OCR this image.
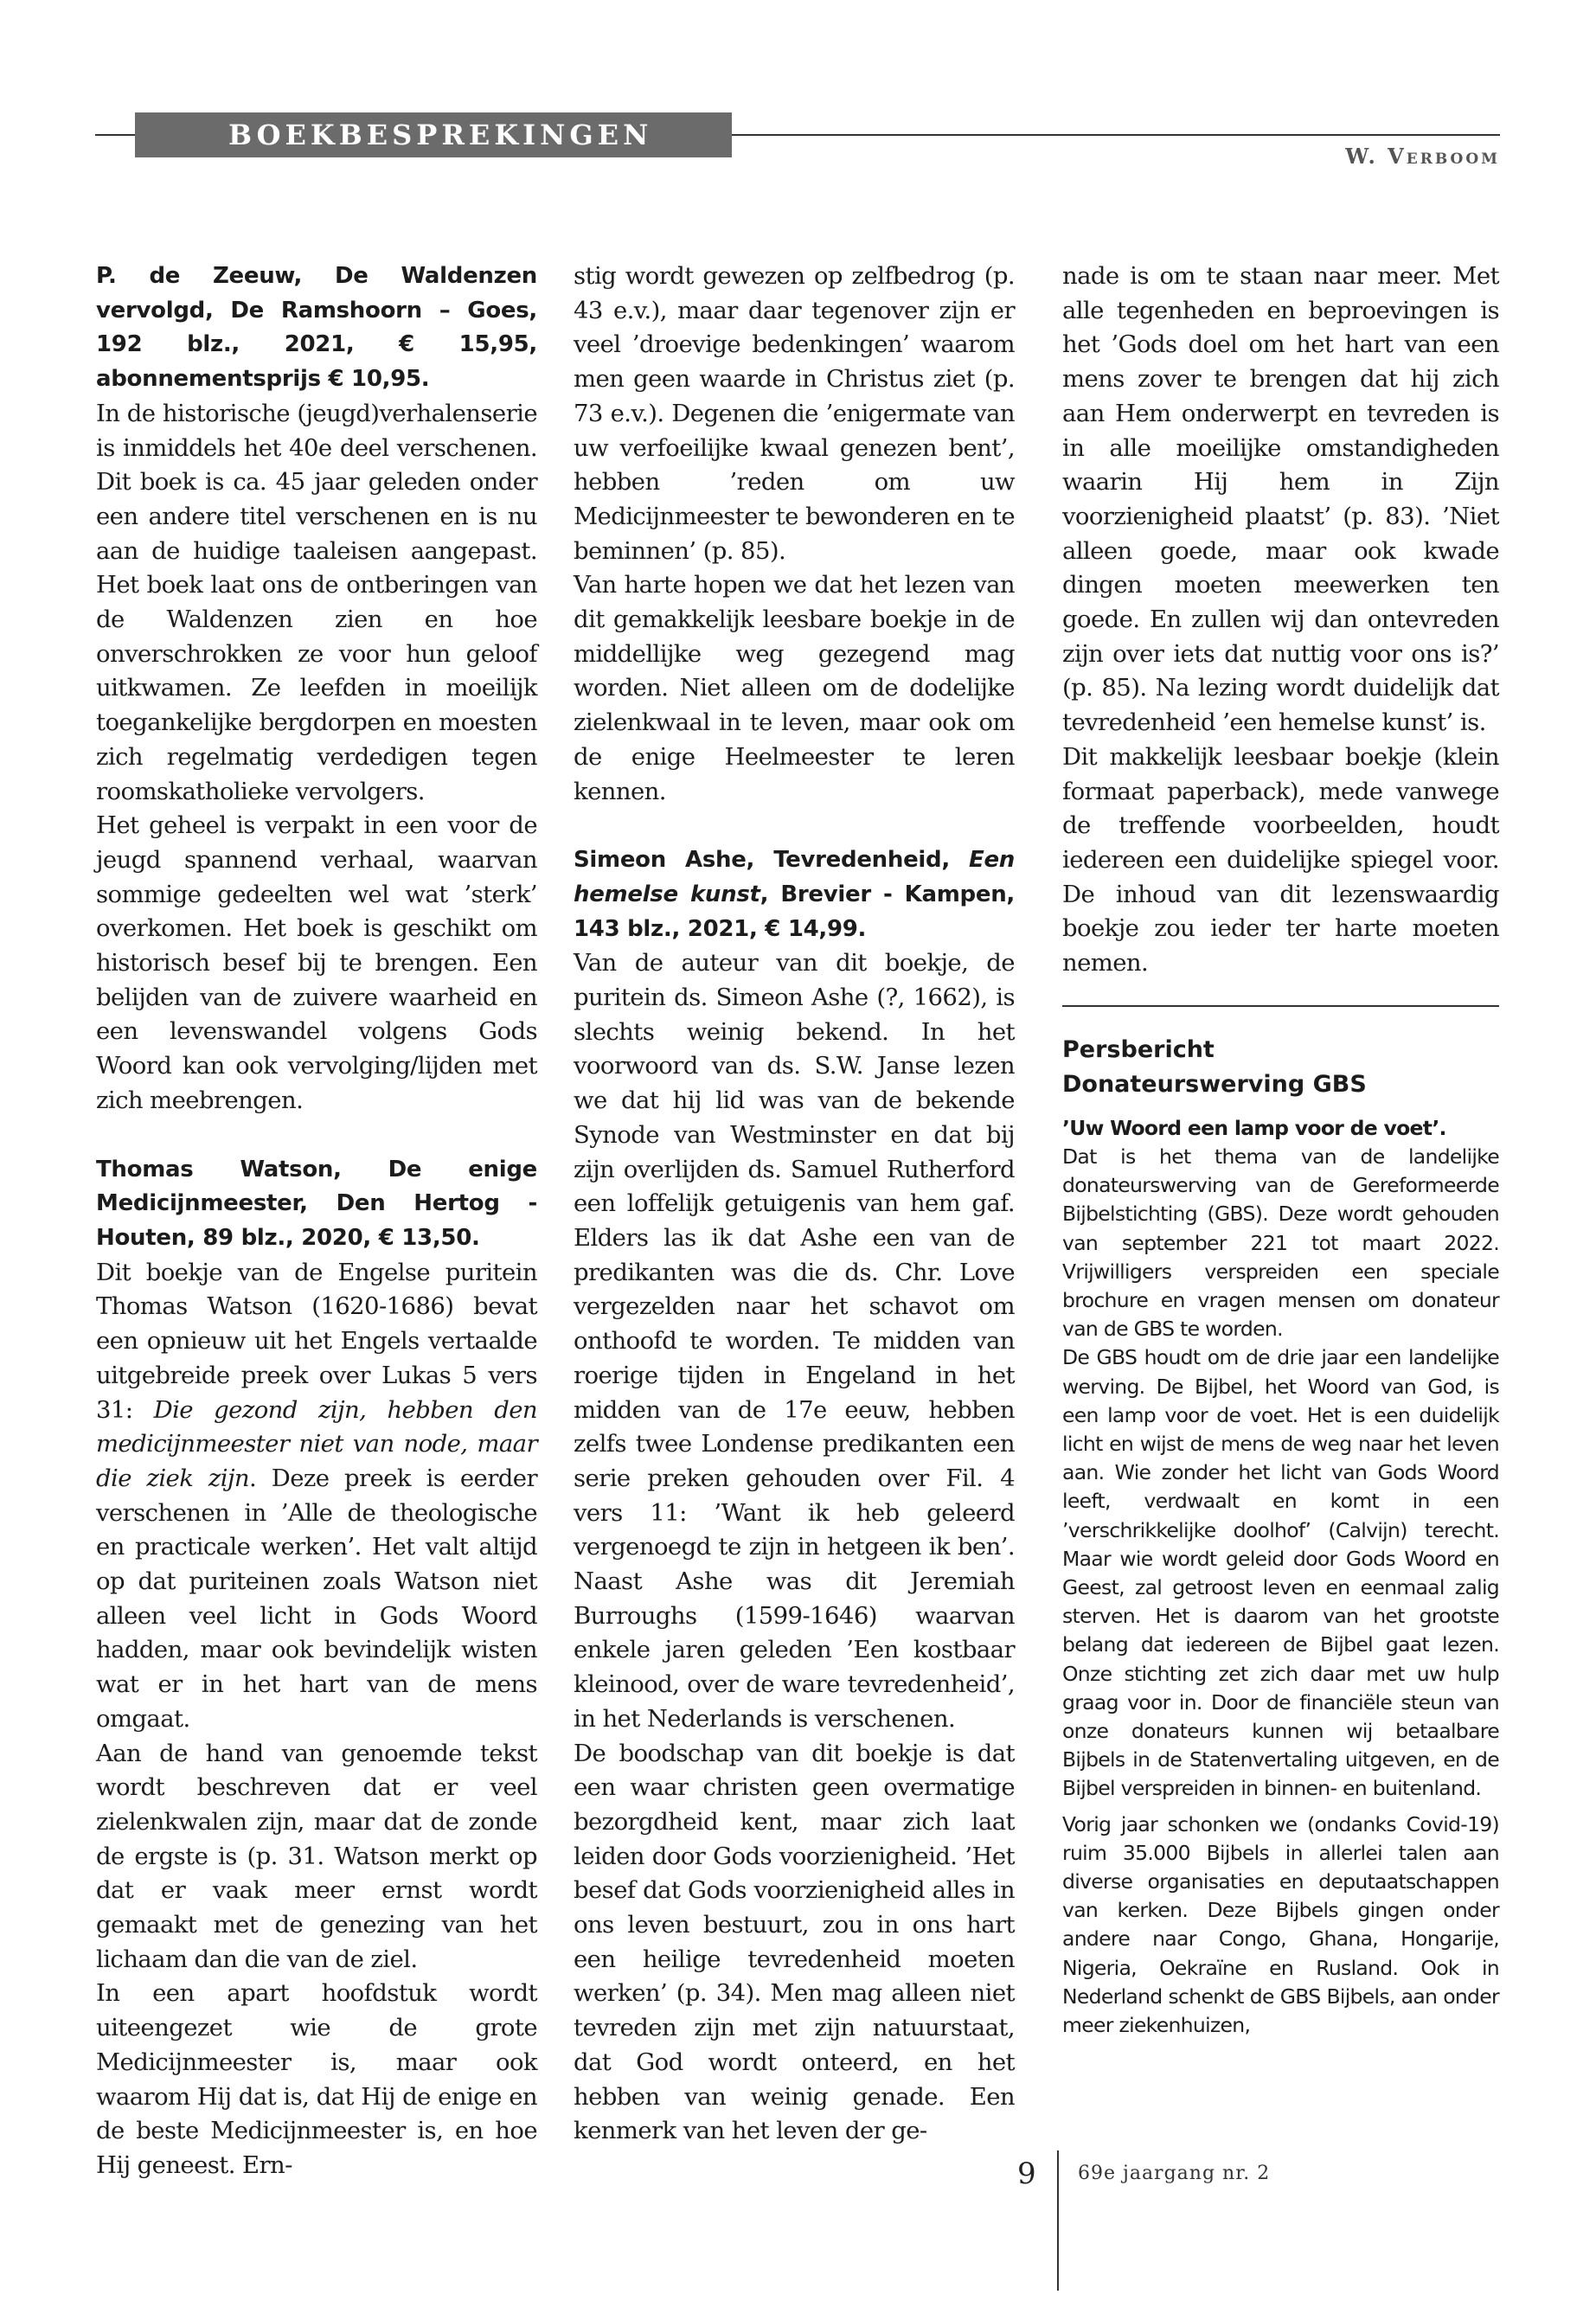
BOEKBESPREKINGEN
W. Verboom

P. de Zeeuw, De Waldenzen vervolgd, De Ramshoorn – Goes, 192 blz., 2021, € 15,95, abonnementsprijs € 10,95.

In de historische (jeugd)verhalenserie is inmiddels het 40e deel verschenen. Dit boek is ca. 45 jaar geleden onder een andere titel verschenen en is nu aan de huidige taaleisen aangepast. Het boek laat ons de ontberingen van de Waldenzen zien en hoe onverschrokken ze voor hun geloof uitkwamen. Ze leefden in moeilijk toegankelijke bergdorpen en moesten zich regelmatig verdedigen tegen roomskatholieke vervolgers.

Het geheel is verpakt in een voor de jeugd spannend verhaal, waarvan sommige gedeelten wel wat ’sterk’ overkomen. Het boek is geschikt om historisch besef bij te brengen. Een belijden van de zuivere waarheid en een levenswandel volgens Gods Woord kan ook vervolging/lijden met zich meebrengen.

Thomas Watson, De enige Medicijnmeester, Den Hertog - Houten, 89 blz., 2020, € 13,50.

Dit boekje van de Engelse puritein Thomas Watson (1620-1686) bevat een opnieuw uit het Engels vertaalde uitgebreide preek over Lukas 5 vers 31: Die gezond zijn, hebben den medicijnmeester niet van node, maar die ziek zijn. Deze preek is eerder verschenen in ’Alle de theologische en practicale werken’. Het valt altijd op dat puriteinen zoals Watson niet alleen veel licht in Gods Woord hadden, maar ook bevindelijk wisten wat er in het hart van de mens omgaat.

Aan de hand van genoemde tekst wordt beschreven dat er veel zielenkwalen zijn, maar dat de zonde de ergste is (p. 31. Watson merkt op dat er vaak meer ernst wordt gemaakt met de genezing van het lichaam dan die van de ziel.

In een apart hoofdstuk wordt uiteengezet wie de grote Medicijnmeester is, maar ook waarom Hij dat is, dat Hij de enige en de beste Medicijnmeester is, en hoe Hij geneest. Ern-

stig wordt gewezen op zelfbedrog (p. 43 e.v.), maar daar tegenover zijn er veel ’droevige bedenkingen’ waarom men geen waarde in Christus ziet (p. 73 e.v.). Degenen die ’enigermate van uw verfoeilijke kwaal genezen bent’, hebben ’reden om uw Medicijnmeester te bewonderen en te beminnen’ (p. 85).

Van harte hopen we dat het lezen van dit gemakkelijk leesbare boekje in de middellijke weg gezegend mag worden. Niet alleen om de dodelijke zielenkwaal in te leven, maar ook om de enige Heelmeester te leren kennen.

Simeon Ashe, Tevredenheid, Een hemelse kunst, Brevier - Kampen, 143 blz., 2021, € 14,99.

Van de auteur van dit boekje, de puritein ds. Simeon Ashe (?, 1662), is slechts weinig bekend. In het voorwoord van ds. S.W. Janse lezen we dat hij lid was van de bekende Synode van Westminster en dat bij zijn overlijden ds. Samuel Rutherford een loffelijk getuigenis van hem gaf. Elders las ik dat Ashe een van de predikanten was die ds. Chr. Love vergezelden naar het schavot om onthoofd te worden. Te midden van roerige tijden in Engeland in het midden van de 17e eeuw, hebben zelfs twee Londense predikanten een serie preken gehouden over Fil. 4 vers 11: ’Want ik heb geleerd vergenoegd te zijn in hetgeen ik ben’. Naast Ashe was dit Jeremiah Burroughs (1599-1646) waarvan enkele jaren geleden ’Een kostbaar kleinood, over de ware tevredenheid’, in het Nederlands is verschenen.

De boodschap van dit boekje is dat een waar christen geen overmatige bezorgdheid kent, maar zich laat leiden door Gods voorzienigheid. ’Het besef dat Gods voorzienigheid alles in ons leven bestuurt, zou in ons hart een heilige tevredenheid moeten werken’ (p. 34). Men mag alleen niet tevreden zijn met zijn natuurstaat, dat God wordt onteerd, en het hebben van weinig genade. Een kenmerk van het leven der ge-

nade is om te staan naar meer. Met alle tegenheden en beproevingen is het ’Gods doel om het hart van een mens zover te brengen dat hij zich aan Hem onderwerpt en tevreden is in alle moeilijke omstandigheden waarin Hij hem in Zijn voorzienigheid plaatst’ (p. 83). ’Niet alleen goede, maar ook kwade dingen moeten meewerken ten goede. En zullen wij dan ontevreden zijn over iets dat nuttig voor ons is?’ (p. 85). Na lezing wordt duidelijk dat tevredenheid ’een hemelse kunst’ is.

Dit makkelijk leesbaar boekje (klein formaat paperback), mede vanwege de treffende voorbeelden, houdt iedereen een duidelijke spiegel voor. De inhoud van dit lezenswaardig boekje zou ieder ter harte moeten nemen.

Persbericht

Donateurswerving GBS

’Uw Woord een lamp voor de voet’.

Dat is het thema van de landelijke donateurswerving van de Gereformeerde Bijbelstichting (GBS). Deze wordt gehouden van september 221 tot maart 2022. Vrijwilligers verspreiden een speciale brochure en vragen mensen om donateur van de GBS te worden.

De GBS houdt om de drie jaar een landelijke werving. De Bijbel, het Woord van God, is een lamp voor de voet. Het is een duidelijk licht en wijst de mens de weg naar het leven aan. Wie zonder het licht van Gods Woord leeft, verdwaalt en komt in een ’verschrikkelijke doolhof’ (Calvijn) terecht. Maar wie wordt geleid door Gods Woord en Geest, zal getroost leven en eenmaal zalig sterven. Het is daarom van het grootste belang dat iedereen de Bijbel gaat lezen. Onze stichting zet zich daar met uw hulp graag voor in. Door de financiële steun van onze donateurs kunnen wij betaalbare Bijbels in de Statenvertaling uitgeven, en de Bijbel verspreiden in binnen- en buitenland.

Vorig jaar schonken we (ondanks Covid-19) ruim 35.000 Bijbels in allerlei talen aan diverse organisaties en deputaatschappen van kerken. Deze Bijbels gingen onder andere naar Congo, Ghana, Hongarije, Nigeria, Oekraïne en Rusland. Ook in Nederland schenkt de GBS Bijbels, aan onder meer ziekenhuizen,

9 69e jaargang nr. 2
